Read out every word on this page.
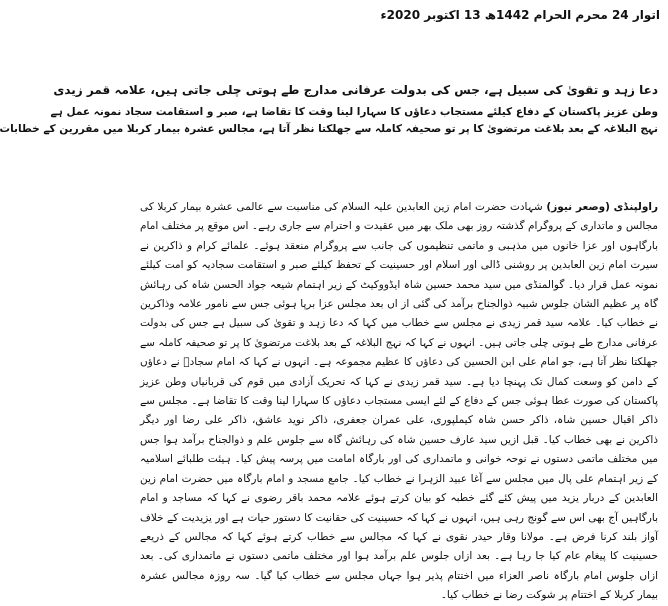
اتوار 24 محرم الحرام 1442ھ 13 اکتوبر 2020ء
دعا زہد و تقویٰ کی سبیل ہے، جس کی بدولت عرفانی مدارج طے ہوتی چلی جاتی ہیں، علامہ قمر زیدی
وطن عزیز پاکستان کے دفاع کیلئے مستجاب دعاؤں کا سہارا لینا وقت کا تقاضا ہے، صبر و استقامت سجاد نمونہ عمل ہے
نہج البلاغہ کے بعد بلاغت مرتضویٰ کا پر تو صحیفہ کاملہ سے جھلکتا نظر آتا ہے، مجالس عشرہ بیمار کربلا میں مقررین کے خطابات
راولپنڈی (وصعر نیوز) شہادت حضرت امام زین العابدین علیہ السلام کی مناسبت سے عالمی عشرہ بیمار کربلا کی مجالس و ماتداری کے پروگرام گذشتہ روز بھی ملک بھر میں عقیدت و احترام سے جاری رہے۔ اس موقع پر مختلف امام بارگاہوں اور عزا خانوں میں مذہبی و ماتمی تنظیموں کی جانب سے پروگرام منعقد ہوئے۔ علمائے کرام و ذاکرین نے سیرت امام زین العابدین پر روشنی ڈالی اور اسلام اور حسینیت کے تحفظ کیلئے صبر و استقامت سجادیہ کو امت کیلئے نمونہ عمل قرار دیا۔ گوالمنڈی میں سید محمد حسین شاہ ایڈووکیٹ کے زیر اہتمام شیعہ جواد الحسن شاہ کی رہائش گاہ پر عظیم الشان جلوس شبیہ ذوالجناح برآمد کی گئی از اں بعد مجلس عزا برپا ہوئی جس سے نامور علامہ وذاکرین نے خطاب کیا۔ علامہ سید قمر زیدی نے مجلس سے خطاب میں کہا کہ دعا زہد و تقویٰ کی سبیل ہے جس کی بدولت عرفانی مدارج طے ہوتی چلی جاتی ہیں۔ انہوں نے کہا کہ نہج البلاغہ کے بعد بلاغت مرتضویٰ کا پر تو صحیفہ کاملہ سے جھلکتا نظر آتا ہے، جو امام علی ابن الحسین کی دعاؤں کا عظیم مجموعہ ہے۔ انہوں نے کہا کہ امام سجادؑ نے دعاؤں کے دامن کو وسعت کمال تک پہنچا دیا ہے۔ سید قمر زیدی نے کہا کہ تحریک آزادی میں قوم کی قربانیاں وطن عزیز پاکستان کی صورت عطا ہوئی جس کے دفاع کے لئے ایسی مستجاب دعاؤں کا سہارا لینا وقت کا تقاضا ہے۔ مجلس سے ذاکر اقبال حسین شاہ، ذاکر حسن شاہ کیملپوری، علی عمران جعفری، ذاکر نوید عاشق، ذاکر علی رضا اور دیگر ذاکرین نے بھی خطاب کیا۔ قبل ازیں سید عارف حسین شاہ کی رہائش گاہ سے جلوس علم و ذوالجناح برآمد ہوا جس میں مختلف ماتمی دستوں نے نوحہ خوانی و ماتمداری کی اور بارگاہ امامت میں پرسہ پیش کیا۔ ہیئت طلبائے اسلامیہ کے زیر اہتمام علی پال میں مجلس سے آغا عبید الزہرا نے خطاب کیا۔ جامع مسجد و امام بارگاہ میں حضرت امام زین العابدین کے دربار یزید میں پیش کئے گئے خطبہ کو بیان کرتے ہوئے علامہ محمد باقر رضوی نے کہا کہ مساجد و امام بارگاہیں آج بھی اس سے گونج رہی ہیں، انہوں نے کہا کہ حسینیت کی حقانیت کا دستور حیات ہے اور یزیدیت کے خلاف آواز بلند کرنا فرض ہے۔ مولانا وقار حیدر نقوی نے کہا کہ مجالس سے خطاب کرتے ہوئے کہا کہ مجالس کے ذریعے حسینیت کا پیغام عام کیا جا رہا ہے۔ بعد ازاں جلوس علم برآمد ہوا اور مختلف ماتمی دستوں نے ماتمداری کی۔ بعد ازاں جلوس امام بارگاہ ناصر العزاء میں اختتام پذیر ہوا جہاں مجلس سے خطاب کیا گیا۔ سہ روزہ مجالس عشرہ بیمار کربلا کے اختتام پر شوکت رضا نے خطاب کیا۔
